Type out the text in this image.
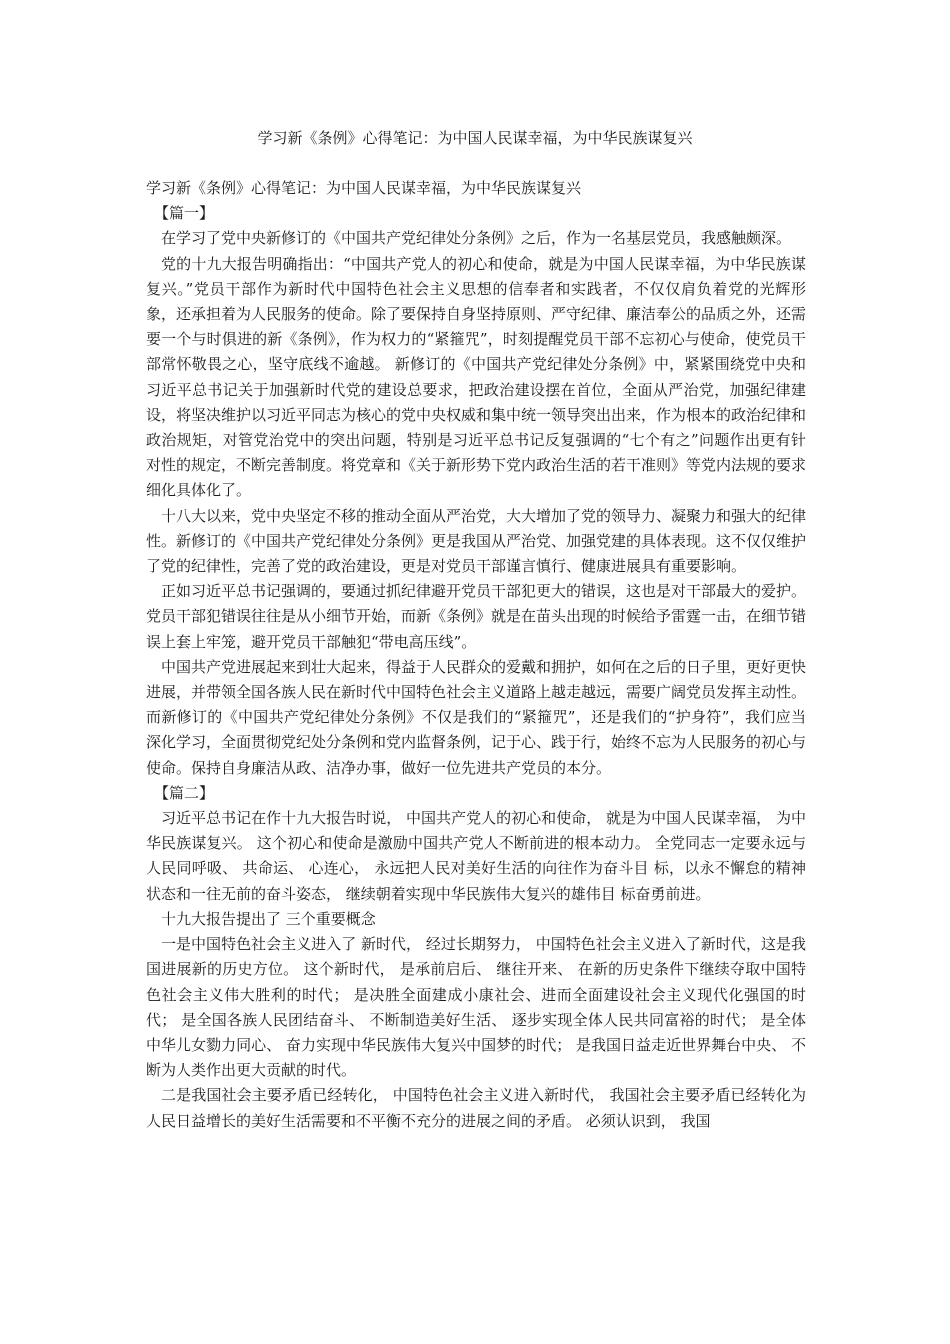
学习新《条例》心得笔记：为中国人民谋幸福，为中华民族谋复兴

学习新《条例》心得笔记：为中国人民谋幸福，为中华民族谋复兴

【篇一】

在学习了党中央新修订的《中国共产党纪律处分条例》之后，作为一名基层党员，我感触颇深。

党的十九大报告明确指出：“中国共产党人的初心和使命，就是为中国人民谋幸福，为中华民族谋复兴。”党员干部作为新时代中国特色社会主义思想的信奉者和实践者，不仅仅肩负着党的光辉形象，还承担着为人民服务的使命。除了要保持自身坚持原则、严守纪律、廉洁奉公的品质之外，还需要一个与时俱进的新《条例》，作为权力的“紧箍咒”，时刻提醒党员干部不忘初心与使命，使党员干部常怀敬畏之心，坚守底线不逾越。 新修订的《中国共产党纪律处分条例》中，紧紧围绕党中央和习近平总书记关于加强新时代党的建设总要求，把政治建设摆在首位，全面从严治党，加强纪律建设，将坚决维护以习近平同志为核心的党中央权威和集中统一领导突出出来，作为根本的政治纪律和政治规矩，对管党治党中的突出问题，特别是习近平总书记反复强调的“七个有之”问题作出更有针对性的规定，不断完善制度。将党章和《关于新形势下党内政治生活的若干准则》等党内法规的要求细化具体化了。

十八大以来，党中央坚定不移的推动全面从严治党，大大增加了党的领导力、凝聚力和强大的纪律性。新修订的《中国共产党纪律处分条例》更是我国从严治党、加强党建的具体表现。这不仅仅维护了党的纪律性，完善了党的政治建设，更是对党员干部谨言慎行、健康进展具有重要影响。

正如习近平总书记强调的，要通过抓纪律避开党员干部犯更大的错误，这也是对干部最大的爱护。党员干部犯错误往往是从小细节开始，而新《条例》就是在苗头出现的时候给予雷霆一击，在细节错误上套上牢笼，避开党员干部触犯“带电高压线”。

中国共产党进展起来到壮大起来，得益于人民群众的爱戴和拥护，如何在之后的日子里，更好更快进展，并带领全国各族人民在新时代中国特色社会主义道路上越走越远，需要广阔党员发挥主动性。而新修订的《中国共产党纪律处分条例》不仅是我们的“紧箍咒”，还是我们的“护身符”，我们应当深化学习，全面贯彻党纪处分条例和党内监督条例，记于心、践于行，始终不忘为人民服务的初心与使命。保持自身廉洁从政、洁净办事，做好一位先进共产党员的本分。

【篇二】

习近平总书记在作十九大报告时说， 中国共产党人的初心和使命， 就是为中国人民谋幸福， 为中华民族谋复兴。 这个初心和使命是激励中国共产党人不断前进的根本动力。 全党同志一定要永远与人民同呼吸、 共命运、 心连心， 永远把人民对美好生活的向往作为奋斗目 标，以永不懈怠的精神状态和一往无前的奋斗姿态， 继续朝着实现中华民族伟大复兴的雄伟目 标奋勇前进。

十九大报告提出了 三个重要概念

一是中国特色社会主义进入了 新时代， 经过长期努力， 中国特色社会主义进入了新时代，这是我国进展新的历史方位。 这个新时代， 是承前启后、 继往开来、 在新的历史条件下继续夺取中国特色社会主义伟大胜利的时代； 是决胜全面建成小康社会、进而全面建设社会主义现代化强国的时代； 是全国各族人民团结奋斗、 不断制造美好生活、 逐步实现全体人民共同富裕的时代； 是全体中华儿女勠力同心、 奋力实现中华民族伟大复兴中国梦的时代； 是我国日益走近世界舞台中央、 不断为人类作出更大贡献的时代。

二是我国社会主要矛盾已经转化， 中国特色社会主义进入新时代， 我国社会主要矛盾已经转化为人民日益增长的美好生活需要和不平衡不充分的进展之间的矛盾。 必须认识到， 我国
